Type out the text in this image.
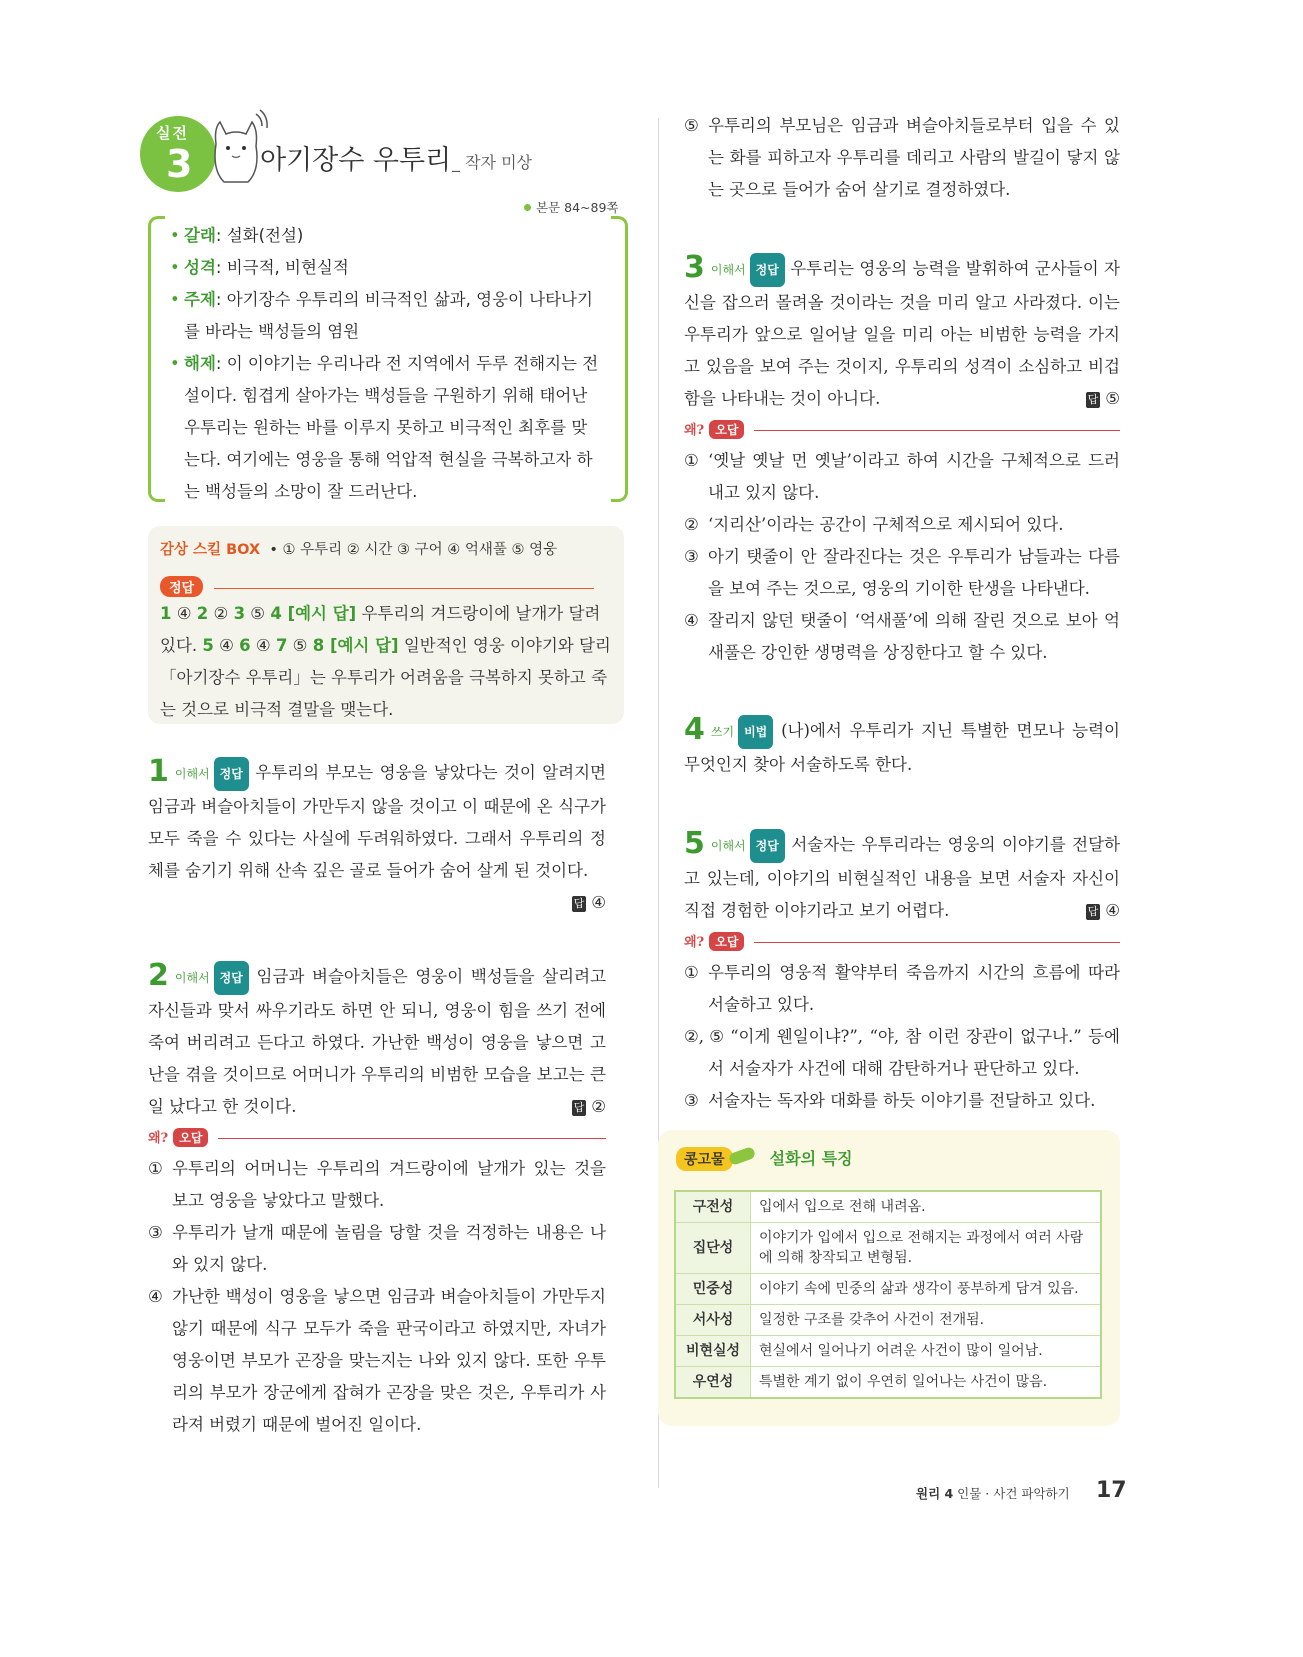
실전
3	아기장수 우투리 _ 작자 미상
본문 84~89쪽
• 갈래: 설화(전설)
• 성격: 비극적, 비현실적
• 주제: 아기장수 우투리의 비극적인 삶과, 영웅이 나타나기를 바라는 백성들의 염원
• 해제: 이 이야기는 우리나라 전 지역에서 두루 전해지는 전설이다. 힘겹게 살아가는 백성들을 구원하기 위해 태어난 우투리는 원하는 바를 이루지 못하고 비극적인 최후를 맞는다. 여기에는 영웅을 통해 억압적 현실을 극복하고자 하는 백성들의 소망이 잘 드러난다.
감상 스킬 BOX • ① 우투리 ② 시간 ③ 구어 ④ 억새풀 ⑤ 영웅
정답
1 ④ 2 ② 3 ⑤ 4 [예시 답] 우투리의 겨드랑이에 날개가 달려 있다. 5 ④ 6 ④ 7 ⑤ 8 [예시 답] 일반적인 영웅 이야기와 달리 「아기장수 우투리」는 우투리가 어려움을 극복하지 못하고 죽는 것으로 비극적 결말을 맺는다.

1 이해서 정답 우투리의 부모는 영웅을 낳았다는 것이 알려지면 임금과 벼슬아치들이 가만두지 않을 것이고 이 때문에 온 식구가 모두 죽을 수 있다는 사실에 두려워하였다. 그래서 우투리의 정체를 숨기기 위해 산속 깊은 골로 들어가 숨어 살게 된 것이다.
답 ④

2 이해서 정답 임금과 벼슬아치들은 영웅이 백성들을 살리려고 자신들과 맞서 싸우기라도 하면 안 되니, 영웅이 힘을 쓰기 전에 죽여 버리려고 든다고 하였다. 가난한 백성이 영웅을 낳으면 고난을 겪을 것이므로 어머니가 우투리의 비범한 모습을 보고는 큰일 났다고 한 것이다.	답 ②

왜? 오답
① 우투리의 어머니는 우투리의 겨드랑이에 날개가 있는 것을 보고 영웅을 낳았다고 말했다.
③ 우투리가 날개 때문에 놀림을 당할 것을 걱정하는 내용은 나와 있지 않다.
④ 가난한 백성이 영웅을 낳으면 임금과 벼슬아치들이 가만두지 않기 때문에 식구 모두가 죽을 판국이라고 하였지만, 자녀가 영웅이면 부모가 곤장을 맞는지는 나와 있지 않다. 또한 우투리의 부모가 장군에게 잡혀가 곤장을 맞은 것은, 우투리가 사라져 버렸기 때문에 벌어진 일이다.
⑤ 우투리의 부모님은 임금과 벼슬아치들로부터 입을 수 있는 화를 피하고자 우투리를 데리고 사람의 발길이 닿지 않는 곳으로 들어가 숨어 살기로 결정하였다.

3 이해서 정답 우투리는 영웅의 능력을 발휘하여 군사들이 자신을 잡으러 몰려올 것이라는 것을 미리 알고 사라졌다. 이는 우투리가 앞으로 일어날 일을 미리 아는 비범한 능력을 가지고 있음을 보여 주는 것이지, 우투리의 성격이 소심하고 비겁함을 나타내는 것이 아니다.	답 ⑤

왜? 오답
① ‘옛날 옛날 먼 옛날’이라고 하여 시간을 구체적으로 드러내고 있지 않다.
② ‘지리산’이라는 공간이 구체적으로 제시되어 있다.
③ 아기 탯줄이 안 잘라진다는 것은 우투리가 남들과는 다름을 보여 주는 것으로, 영웅의 기이한 탄생을 나타낸다.
④ 잘리지 않던 탯줄이 ‘억새풀’에 의해 잘린 것으로 보아 억새풀은 강인한 생명력을 상징한다고 할 수 있다.

4 쓰기 비법 (나)에서 우투리가 지닌 특별한 면모나 능력이 무엇인지 찾아 서술하도록 한다.

5 이해서 정답 서술자는 우투리라는 영웅의 이야기를 전달하고 있는데, 이야기의 비현실적인 내용을 보면 서술자 자신이 직접 경험한 이야기라고 보기 어렵다.	답 ④

왜? 오답
① 우투리의 영웅적 활약부터 죽음까지 시간의 흐름에 따라 서술하고 있다.
②, ⑤ “이게 웬일이냐?”, “야, 참 이런 장관이 없구나.” 등에서 서술자가 사건에 대해 감탄하거나 판단하고 있다.
③ 서술자는 독자와 대화를 하듯 이야기를 전달하고 있다.
콩고물	설화의 특징
구전성	입에서 입으로 전해 내려옴.
집단성	이야기가 입에서 입으로 전해지는 과정에서 여러 사람에 의해 창작되고 변형됨.
민중성	이야기 속에 민중의 삶과 생각이 풍부하게 담겨 있음.
서사성	일정한 구조를 갖추어 사건이 전개됨.
비현실성	현실에서 일어나기 어려운 사건이 많이 일어남.
우연성	특별한 계기 없이 우연히 일어나는 사건이 많음.
원리 4 인물 · 사건 파악하기 17
